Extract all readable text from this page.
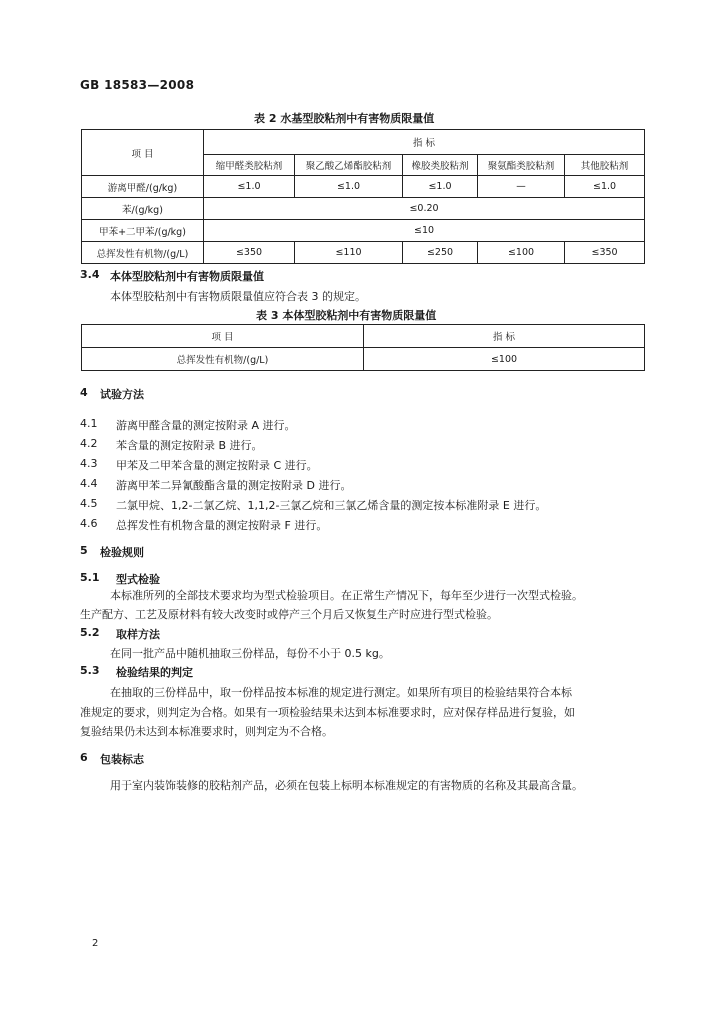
GB 18583—2008
表 2 水基型胶粘剂中有害物质限量值
项 目	指 标				
	缩甲醛类胶粘剂	聚乙酸乙烯酯胶粘剂	橡胶类胶粘剂	聚氨酯类胶粘剂	其他胶粘剂
游离甲醛/(g/kg)	≤1.0	≤1.0	≤1.0	—	≤1.0
苯/(g/kg)	≤0.20				
甲苯+二甲苯/(g/kg)	≤10				
总挥发性有机物/(g/L)	≤350	≤110	≤250	≤100	≤350
3.4 本体型胶粘剂中有害物质限量值
本体型胶粘剂中有害物质限量值应符合表 3 的规定。
表 3 本体型胶粘剂中有害物质限量值
项 目	指 标
总挥发性有机物/(g/L)	≤100
4 试验方法
4.1 游离甲醛含量的测定按附录 A 进行。
4.2 苯含量的测定按附录 B 进行。
4.3 甲苯及二甲苯含量的测定按附录 C 进行。
4.4 游离甲苯二异氰酸酯含量的测定按附录 D 进行。
4.5 二氯甲烷、1,2-二氯乙烷、1,1,2-三氯乙烷和三氯乙烯含量的测定按本标准附录 E 进行。
4.6 总挥发性有机物含量的测定按附录 F 进行。
5 检验规则
5.1 型式检验
本标准所列的全部技术要求均为型式检验项目。在正常生产情况下，每年至少进行一次型式检验。
生产配方、工艺及原材料有较大改变时或停产三个月后又恢复生产时应进行型式检验。
5.2 取样方法
在同一批产品中随机抽取三份样品，每份不小于 0.5 kg。
5.3 检验结果的判定
在抽取的三份样品中，取一份样品按本标准的规定进行测定。如果所有项目的检验结果符合本标
准规定的要求，则判定为合格。如果有一项检验结果未达到本标准要求时，应对保存样品进行复验，如
复验结果仍未达到本标准要求时，则判定为不合格。
6 包装标志
用于室内装饰装修的胶粘剂产品，必须在包装上标明本标准规定的有害物质的名称及其最高含量。
2
